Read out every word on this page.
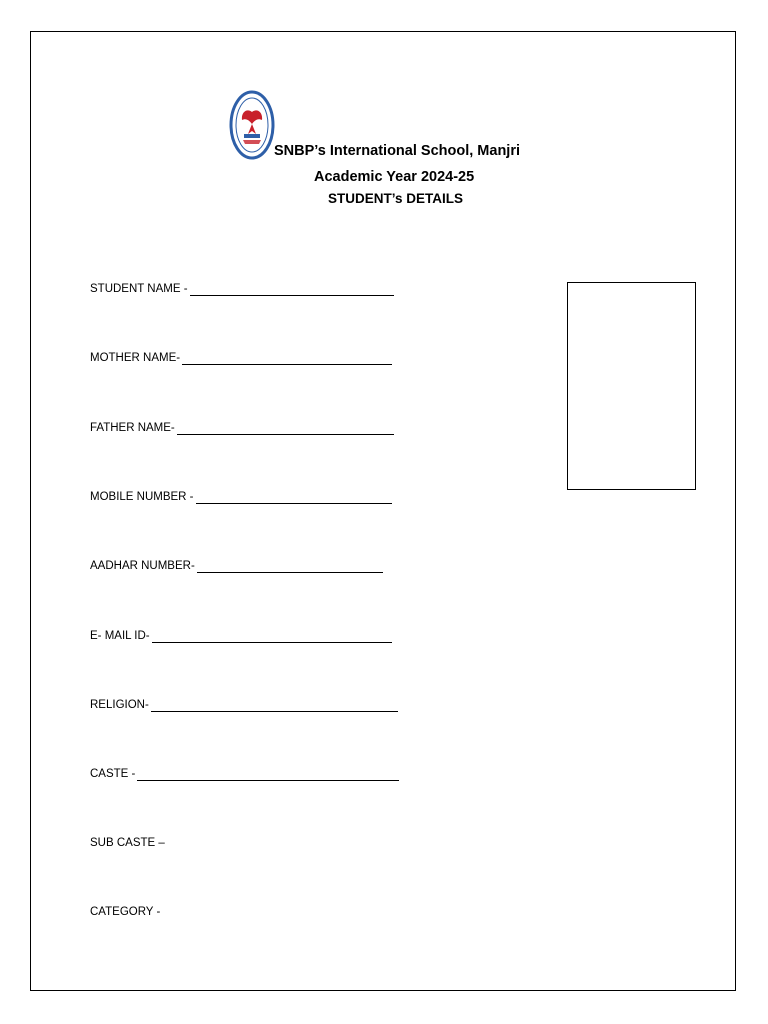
SNBP’s International School, Manjri
Academic Year 2024-25
STUDENT’s DETAILS
STUDENT NAME -
MOTHER NAME-
FATHER NAME-
MOBILE NUMBER -
AADHAR NUMBER-
E- MAIL ID-
RELIGION-
CASTE -
SUB CASTE –
CATEGORY -
